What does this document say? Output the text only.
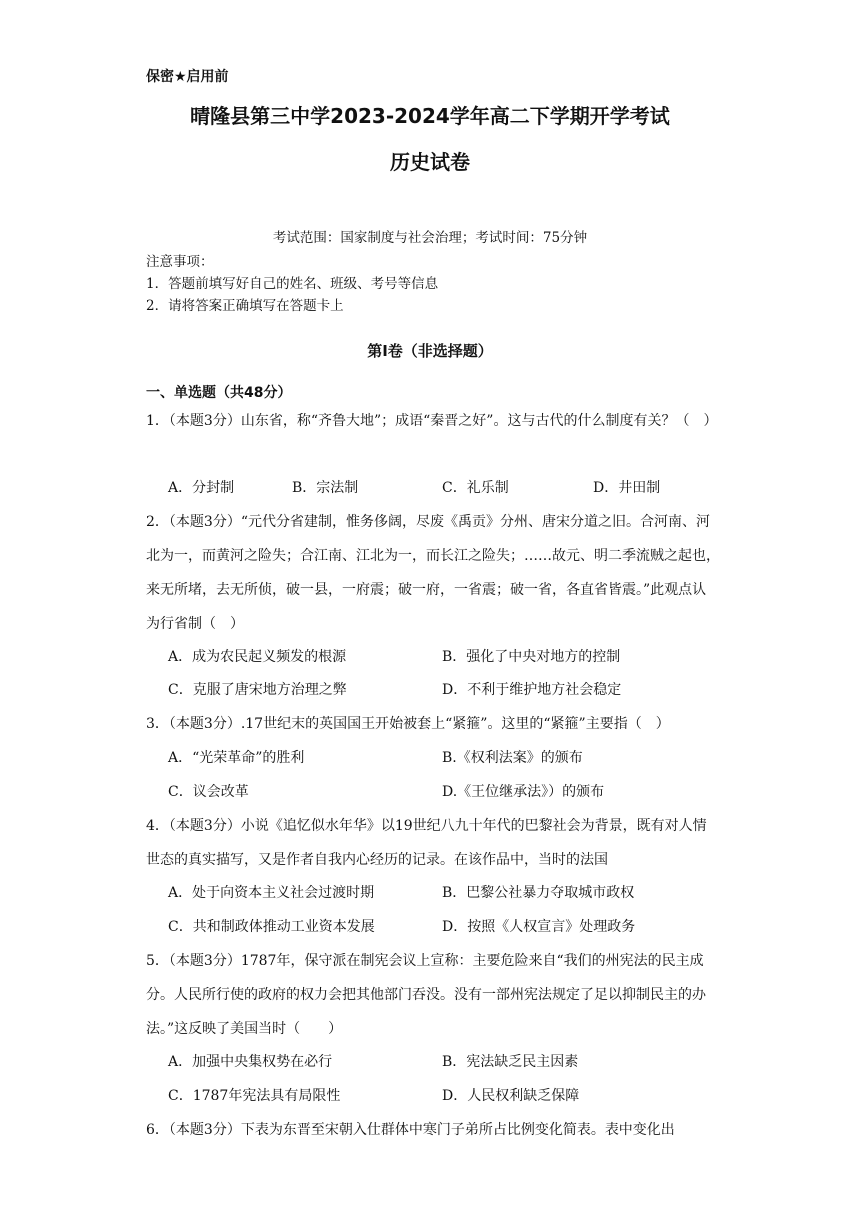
保密★启用前
晴隆县第三中学2023-2024学年高二下学期开学考试
历史试卷
考试范围：国家制度与社会治理；考试时间：75分钟
注意事项：
1．答题前填写好自己的姓名、班级、考号等信息
2．请将答案正确填写在答题卡上
第I卷（非选择题）
一、单选题（共48分）
1．（本题3分）山东省，称“齐鲁大地”；成语“秦晋之好”。这与古代的什么制度有关？（　）
A．分封制	B．宗法制	C．礼乐制	D．井田制
2．（本题3分）“元代分省建制，惟务侈阔，尽废《禹贡》分州、唐宋分道之旧。合河南、河北为一，而黄河之险失；合江南、江北为一，而长江之险失；……故元、明二季流贼之起也，来无所堵，去无所侦，破一县，一府震；破一府，一省震；破一省，各直省皆震。”此观点认为行省制（　）
A．成为农民起义频发的根源	B．强化了中央对地方的控制
C．克服了唐宋地方治理之弊	D．不利于维护地方社会稳定
3．（本题3分）.17世纪末的英国国王开始被套上“紧箍”。这里的“紧箍”主要指（　）
A．“光荣革命”的胜利	B.《权利法案》的颁布
C．议会改革	D.《王位继承法》）的颁布
4．（本题3分）小说《追忆似水年华》以19世纪八九十年代的巴黎社会为背景，既有对人情世态的真实描写，又是作者自我内心经历的记录。在该作品中，当时的法国
A．处于向资本主义社会过渡时期	B．巴黎公社暴力夺取城市政权
C．共和制政体推动工业资本发展	D．按照《人权宣言》处理政务
5．（本题3分）1787年，保守派在制宪会议上宣称：主要危险来自“我们的州宪法的民主成分。人民所行使的政府的权力会把其他部门吞没。没有一部州宪法规定了足以抑制民主的办法。”这反映了美国当时（　　）
A．加强中央集权势在必行	B．宪法缺乏民主因素
C．1787年宪法具有局限性	D．人民权利缺乏保障
6．（本题3分）下表为东晋至宋朝入仕群体中寒门子弟所占比例变化简表。表中变化出
